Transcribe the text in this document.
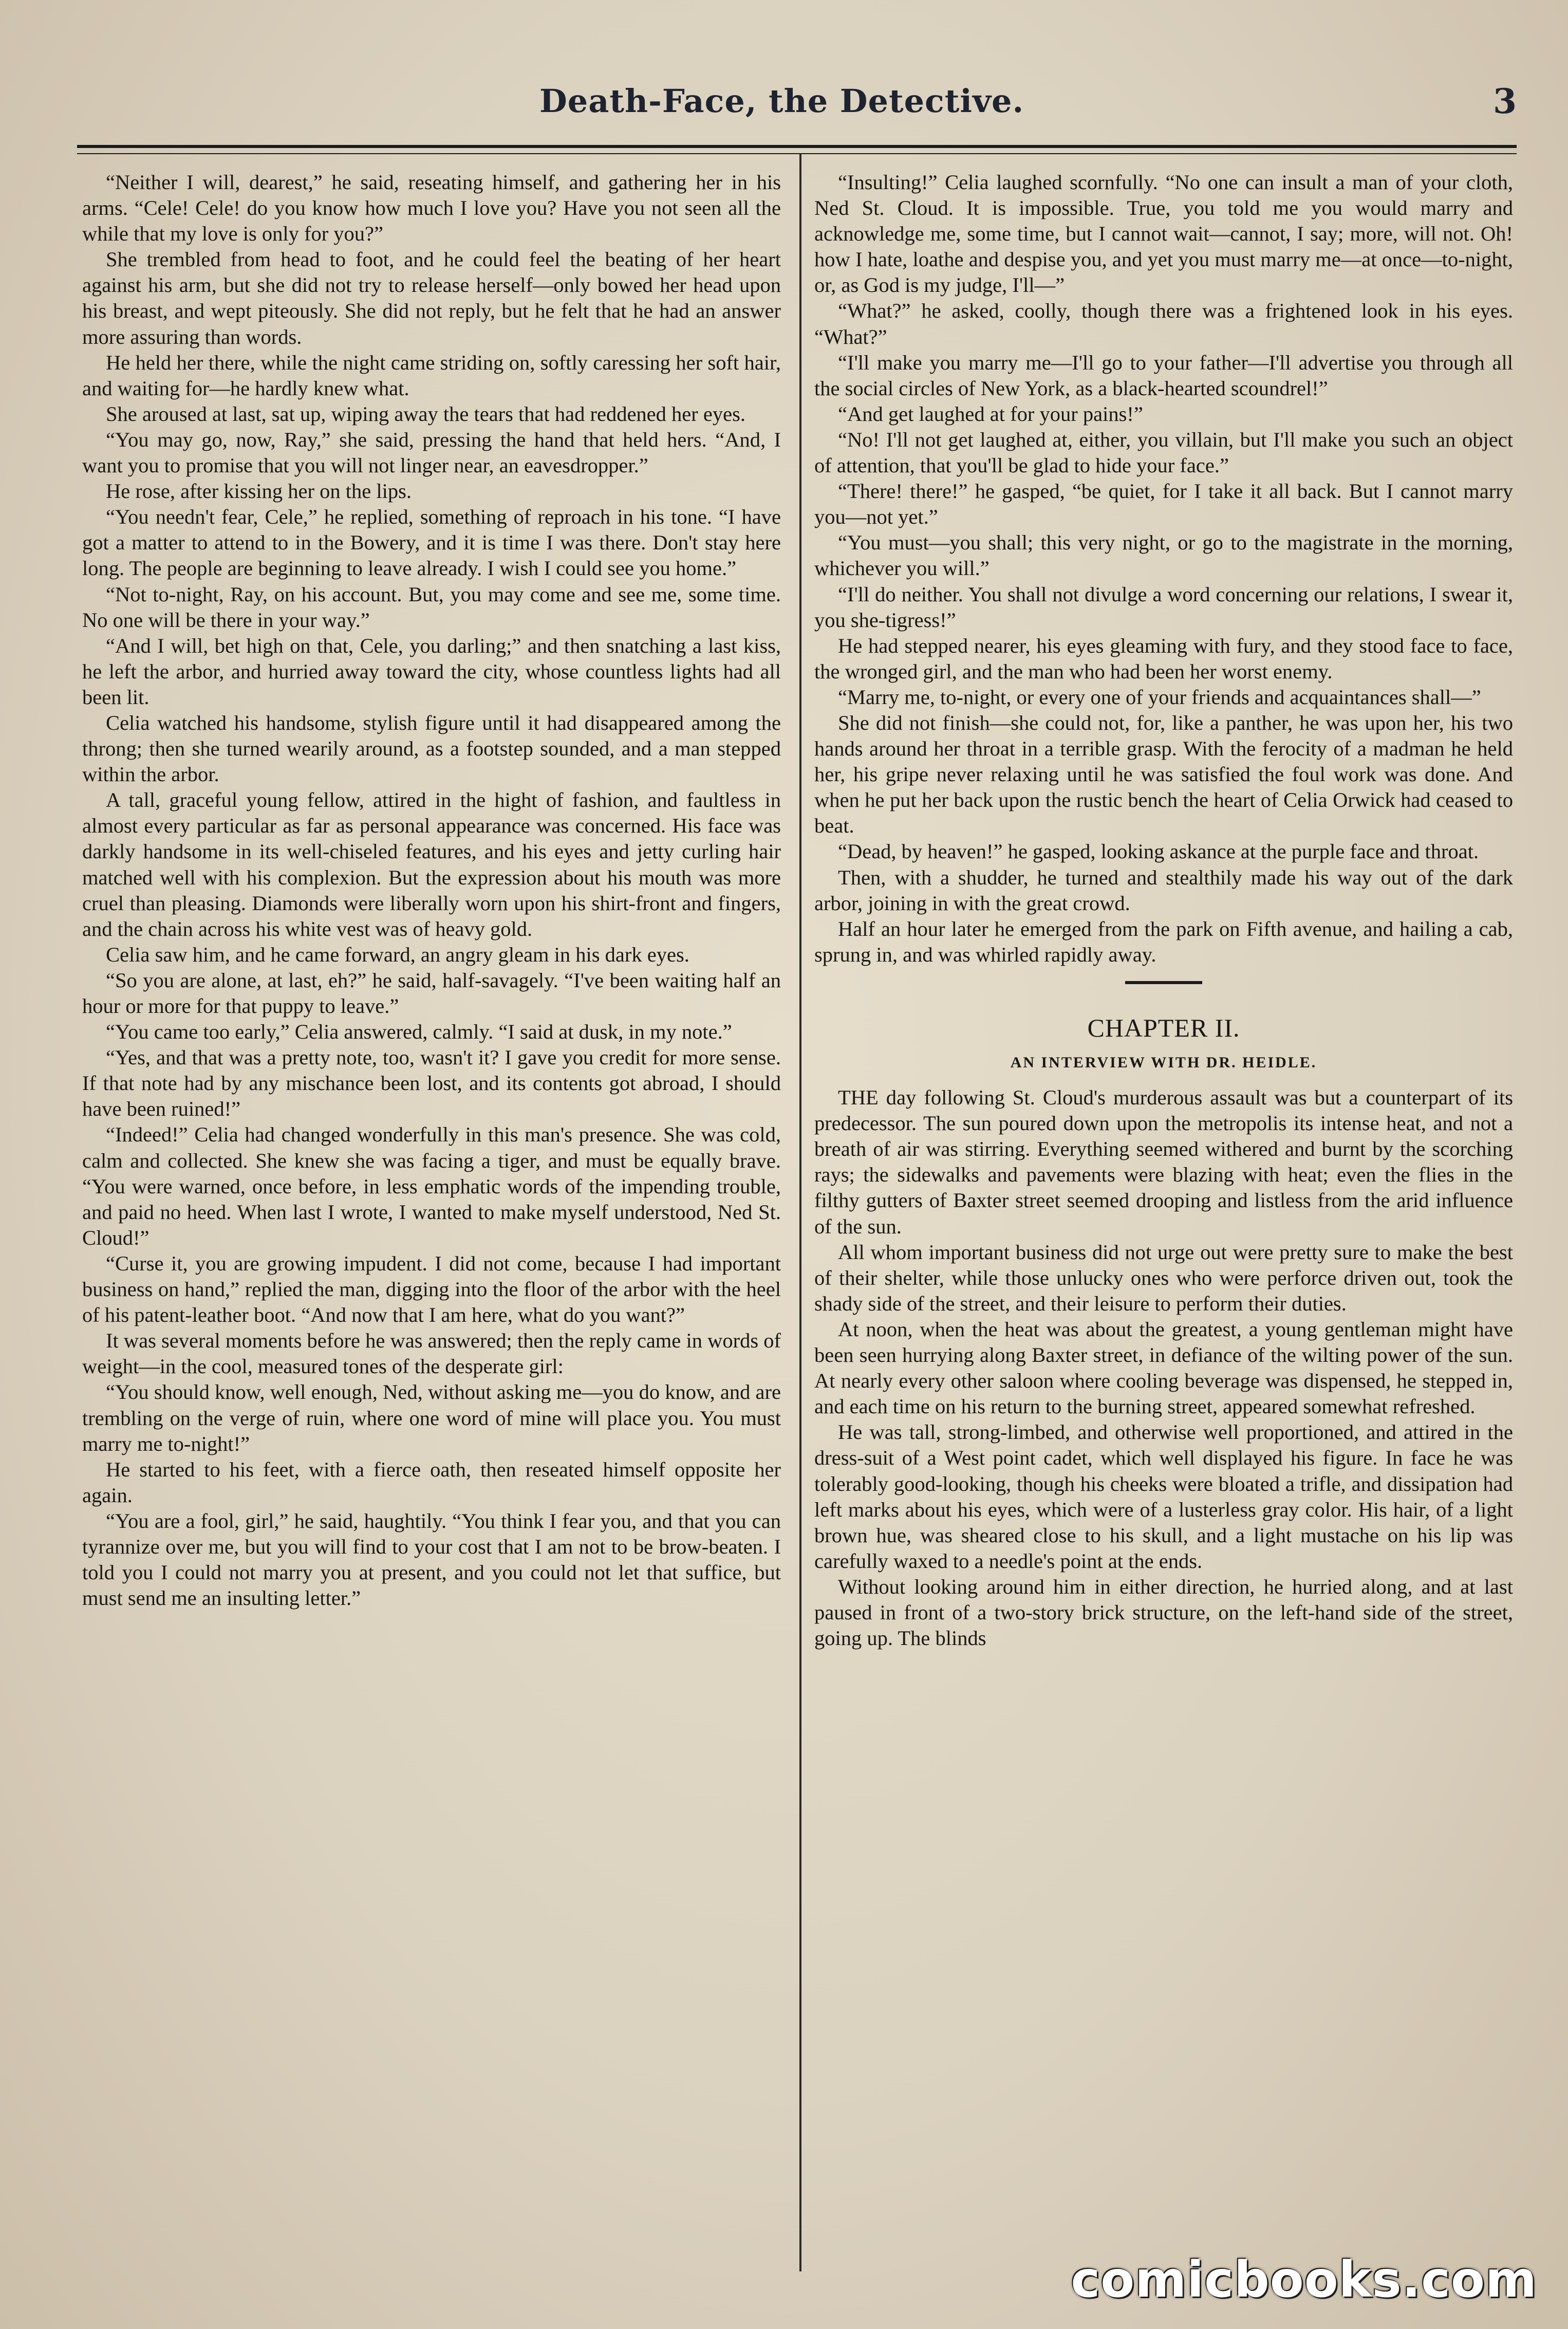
Death-Face, the Detective.	3

“Neither I will, dearest,” he said, reseating himself, and gathering her in his arms. “Cele! Cele! do you know how much I love you? Have you not seen all the while that my love is only for you?”

She trembled from head to foot, and he could feel the beating of her heart against his arm, but she did not try to release herself—only bowed her head upon his breast, and wept piteously. She did not reply, but he felt that he had an answer more assuring than words.

He held her there, while the night came striding on, softly caressing her soft hair, and waiting for—he hardly knew what.

She aroused at last, sat up, wiping away the tears that had reddened her eyes.

“You may go, now, Ray,” she said, pressing the hand that held hers. “And, I want you to promise that you will not linger near, an eavesdropper.”

He rose, after kissing her on the lips.

“You needn't fear, Cele,” he replied, something of reproach in his tone. “I have got a matter to attend to in the Bowery, and it is time I was there. Don't stay here long. The people are beginning to leave already. I wish I could see you home.”

“Not to-night, Ray, on his account. But, you may come and see me, some time. No one will be there in your way.”

“And I will, bet high on that, Cele, you darling;” and then snatching a last kiss, he left the arbor, and hurried away toward the city, whose countless lights had all been lit.

Celia watched his handsome, stylish figure until it had disappeared among the throng; then she turned wearily around, as a footstep sounded, and a man stepped within the arbor.

A tall, graceful young fellow, attired in the hight of fashion, and faultless in almost every particular as far as personal appearance was concerned. His face was darkly handsome in its well-chiseled features, and his eyes and jetty curling hair matched well with his complexion. But the expression about his mouth was more cruel than pleasing. Diamonds were liberally worn upon his shirt-front and fingers, and the chain across his white vest was of heavy gold.

Celia saw him, and he came forward, an angry gleam in his dark eyes.

“So you are alone, at last, eh?” he said, half-savagely. “I've been waiting half an hour or more for that puppy to leave.”

“You came too early,” Celia answered, calmly. “I said at dusk, in my note.”

“Yes, and that was a pretty note, too, wasn't it? I gave you credit for more sense. If that note had by any mischance been lost, and its contents got abroad, I should have been ruined!”

“Indeed!” Celia had changed wonderfully in this man's presence. She was cold, calm and collected. She knew she was facing a tiger, and must be equally brave. “You were warned, once before, in less emphatic words of the impending trouble, and paid no heed. When last I wrote, I wanted to make myself understood, Ned St. Cloud!”

“Curse it, you are growing impudent. I did not come, because I had important business on hand,” replied the man, digging into the floor of the arbor with the heel of his patent-leather boot. “And now that I am here, what do you want?”

It was several moments before he was answered; then the reply came in words of weight—in the cool, measured tones of the desperate girl:

“You should know, well enough, Ned, without asking me—you do know, and are trembling on the verge of ruin, where one word of mine will place you. You must marry me to-night!”

He started to his feet, with a fierce oath, then reseated himself opposite her again.

“You are a fool, girl,” he said, haughtily. “You think I fear you, and that you can tyrannize over me, but you will find to your cost that I am not to be brow-beaten. I told you I could not marry you at present, and you could not let that suffice, but must send me an insulting letter.”

“Insulting!” Celia laughed scornfully. “No one can insult a man of your cloth, Ned St. Cloud. It is impossible. True, you told me you would marry and acknowledge me, some time, but I cannot wait—cannot, I say; more, will not. Oh! how I hate, loathe and despise you, and yet you must marry me—at once—to-night, or, as God is my judge, I'll—”

“What?” he asked, coolly, though there was a frightened look in his eyes. “What?”

“I'll make you marry me—I'll go to your father—I'll advertise you through all the social circles of New York, as a black-hearted scoundrel!”

“And get laughed at for your pains!”

“No! I'll not get laughed at, either, you villain, but I'll make you such an object of attention, that you'll be glad to hide your face.”

“There! there!” he gasped, “be quiet, for I take it all back. But I cannot marry you—not yet.”

“You must—you shall; this very night, or go to the magistrate in the morning, whichever you will.”

“I'll do neither. You shall not divulge a word concerning our relations, I swear it, you she-tigress!”

He had stepped nearer, his eyes gleaming with fury, and they stood face to face, the wronged girl, and the man who had been her worst enemy.

“Marry me, to-night, or every one of your friends and acquaintances shall—”

She did not finish—she could not, for, like a panther, he was upon her, his two hands around her throat in a terrible grasp. With the ferocity of a madman he held her, his gripe never relaxing until he was satisfied the foul work was done. And when he put her back upon the rustic bench the heart of Celia Orwick had ceased to beat.

“Dead, by heaven!” he gasped, looking askance at the purple face and throat.

Then, with a shudder, he turned and stealthily made his way out of the dark arbor, joining in with the great crowd.

Half an hour later he emerged from the park on Fifth avenue, and hailing a cab, sprung in, and was whirled rapidly away.

CHAPTER II.
AN INTERVIEW WITH DR. HEIDLE.

THE day following St. Cloud's murderous assault was but a counterpart of its predecessor. The sun poured down upon the metropolis its intense heat, and not a breath of air was stirring. Everything seemed withered and burnt by the scorching rays; the sidewalks and pavements were blazing with heat; even the flies in the filthy gutters of Baxter street seemed drooping and listless from the arid influence of the sun.

All whom important business did not urge out were pretty sure to make the best of their shelter, while those unlucky ones who were perforce driven out, took the shady side of the street, and their leisure to perform their duties.

At noon, when the heat was about the greatest, a young gentleman might have been seen hurrying along Baxter street, in defiance of the wilting power of the sun. At nearly every other saloon where cooling beverage was dispensed, he stepped in, and each time on his return to the burning street, appeared somewhat refreshed.

He was tall, strong-limbed, and otherwise well proportioned, and attired in the dress-suit of a West point cadet, which well displayed his figure. In face he was tolerably good-looking, though his cheeks were bloated a trifle, and dissipation had left marks about his eyes, which were of a lusterless gray color. His hair, of a light brown hue, was sheared close to his skull, and a light mustache on his lip was carefully waxed to a needle's point at the ends.

Without looking around him in either direction, he hurried along, and at last paused in front of a two-story brick structure, on the left-hand side of the street, going up. The blinds

comicbooks.com
